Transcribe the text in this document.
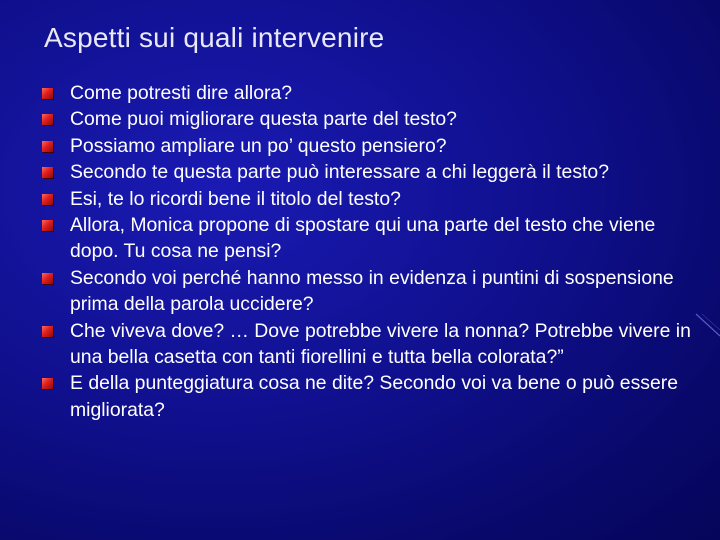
Aspetti sui quali intervenire
Come potresti dire allora?
Come puoi migliorare questa parte del testo?
Possiamo ampliare un po’ questo pensiero?
Secondo te questa parte può interessare a chi leggerà il testo?
Esi, te lo ricordi bene il titolo del testo?
Allora, Monica propone di spostare qui una parte del testo che viene dopo. Tu cosa ne pensi?
Secondo voi perché hanno messo in evidenza i puntini di sospensione prima della parola uccidere?
Che viveva dove? … Dove potrebbe vivere la nonna? Potrebbe vivere in una bella casetta con tanti fiorellini e tutta bella colorata?”
E della punteggiatura cosa ne dite? Secondo voi va bene o può essere migliorata?
